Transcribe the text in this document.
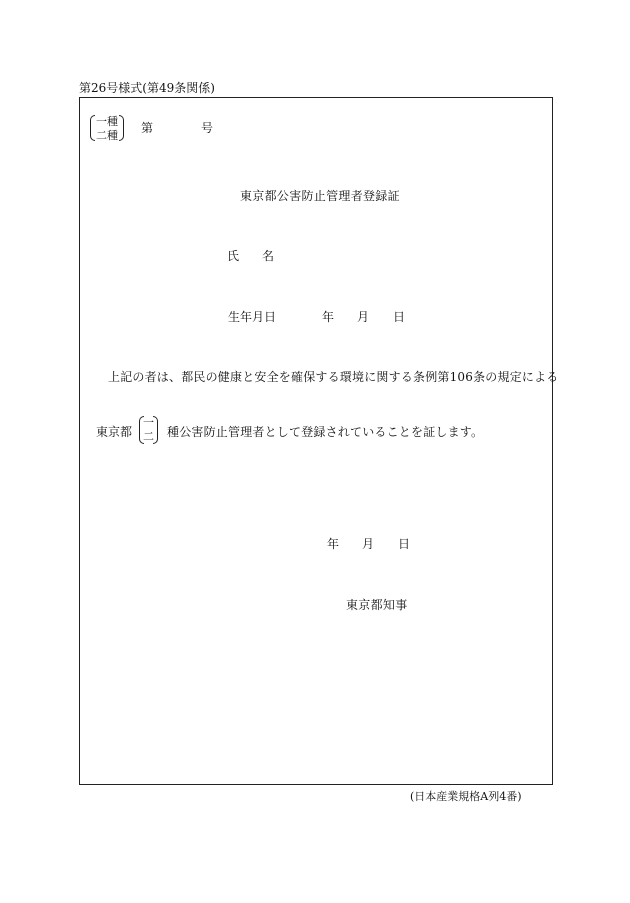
第26号様式(第49条関係)
一種
二種
第	号
東京都公害防止管理者登録証
氏 名
生年月日	年 月 日
上記の者は、都民の健康と安全を確保する環境に関する条例第106条の規定による
東京都
一
二 種公害防止管理者として登録されていることを証します。
年 月 日
東京都知事
(日本産業規格A列4番)
